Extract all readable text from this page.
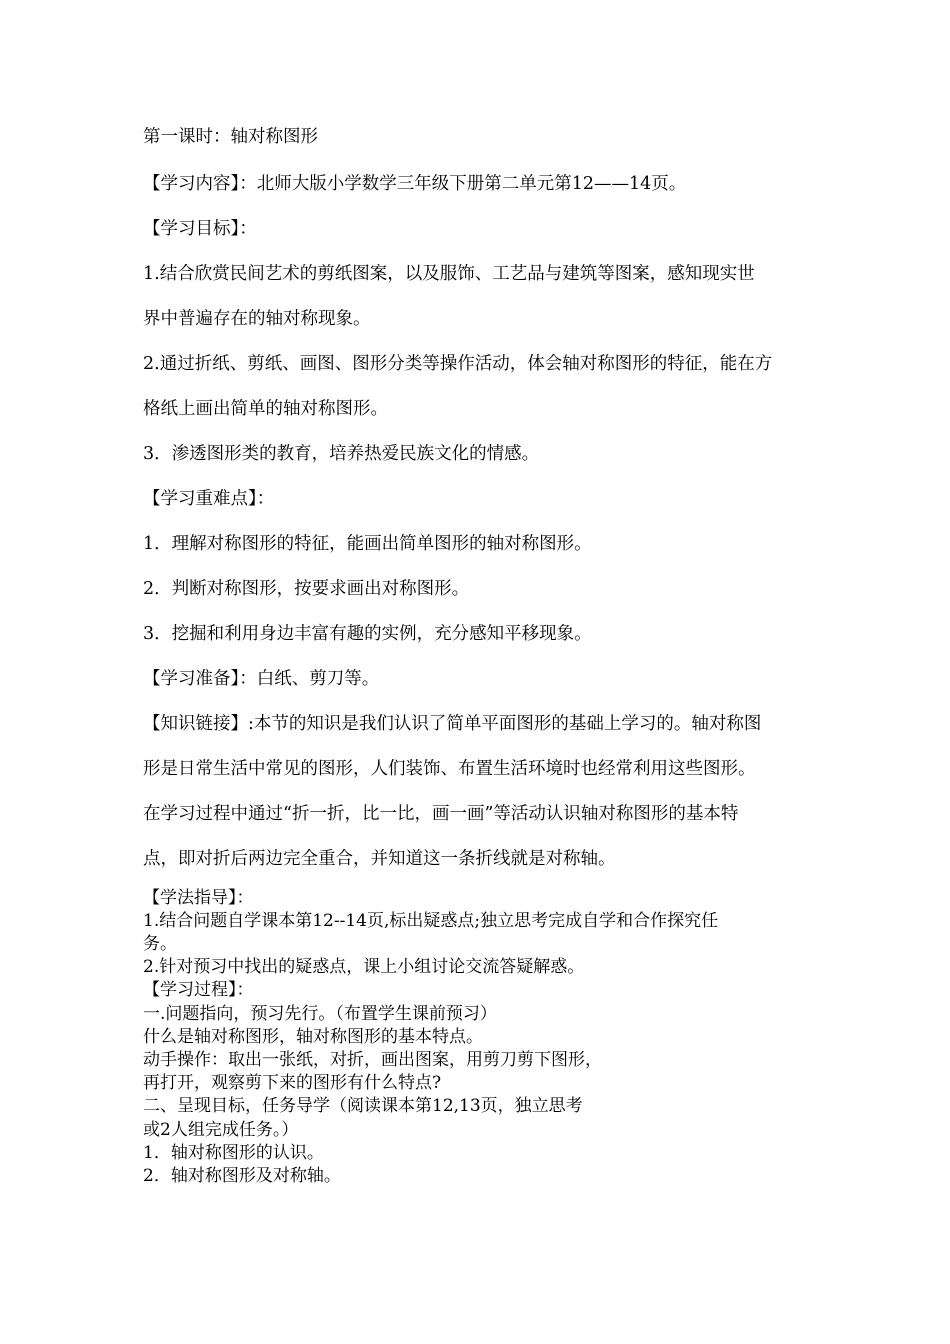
第一课时：轴对称图形

【学习内容】：北师大版小学数学三年级下册第二单元第12——14页。

【学习目标】：

1.结合欣赏民间艺术的剪纸图案，以及服饰、工艺品与建筑等图案，感知现实世

界中普遍存在的轴对称现象。

2.通过折纸、剪纸、画图、图形分类等操作活动，体会轴对称图形的特征，能在方

格纸上画出简单的轴对称图形。

3．渗透图形类的教育，培养热爱民族文化的情感。

【学习重难点】：

1．理解对称图形的特征，能画出简单图形的轴对称图形。

2．判断对称图形，按要求画出对称图形。

3．挖掘和利用身边丰富有趣的实例，充分感知平移现象。

【学习准备】：白纸、剪刀等。

【知识链接】:本节的知识是我们认识了简单平面图形的基础上学习的。轴对称图

形是日常生活中常见的图形，人们装饰、布置生活环境时也经常利用这些图形。

在学习过程中通过“折一折，比一比，画一画”等活动认识轴对称图形的基本特

点，即对折后两边完全重合，并知道这一条折线就是对称轴。

【学法指导】：

1.结合问题自学课本第12--14页,标出疑惑点;独立思考完成自学和合作探究任

务。

2.针对预习中找出的疑惑点，课上小组讨论交流答疑解惑。

【学习过程】：

一.问题指向，预习先行。（布置学生课前预习）

什么是轴对称图形，轴对称图形的基本特点。

动手操作：取出一张纸，对折，画出图案，用剪刀剪下图形，

再打开，观察剪下来的图形有什么特点?

二、呈现目标，任务导学（阅读课本第12,13页，独立思考

或2人组完成任务。）

1．轴对称图形的认识。

2．轴对称图形及对称轴。
